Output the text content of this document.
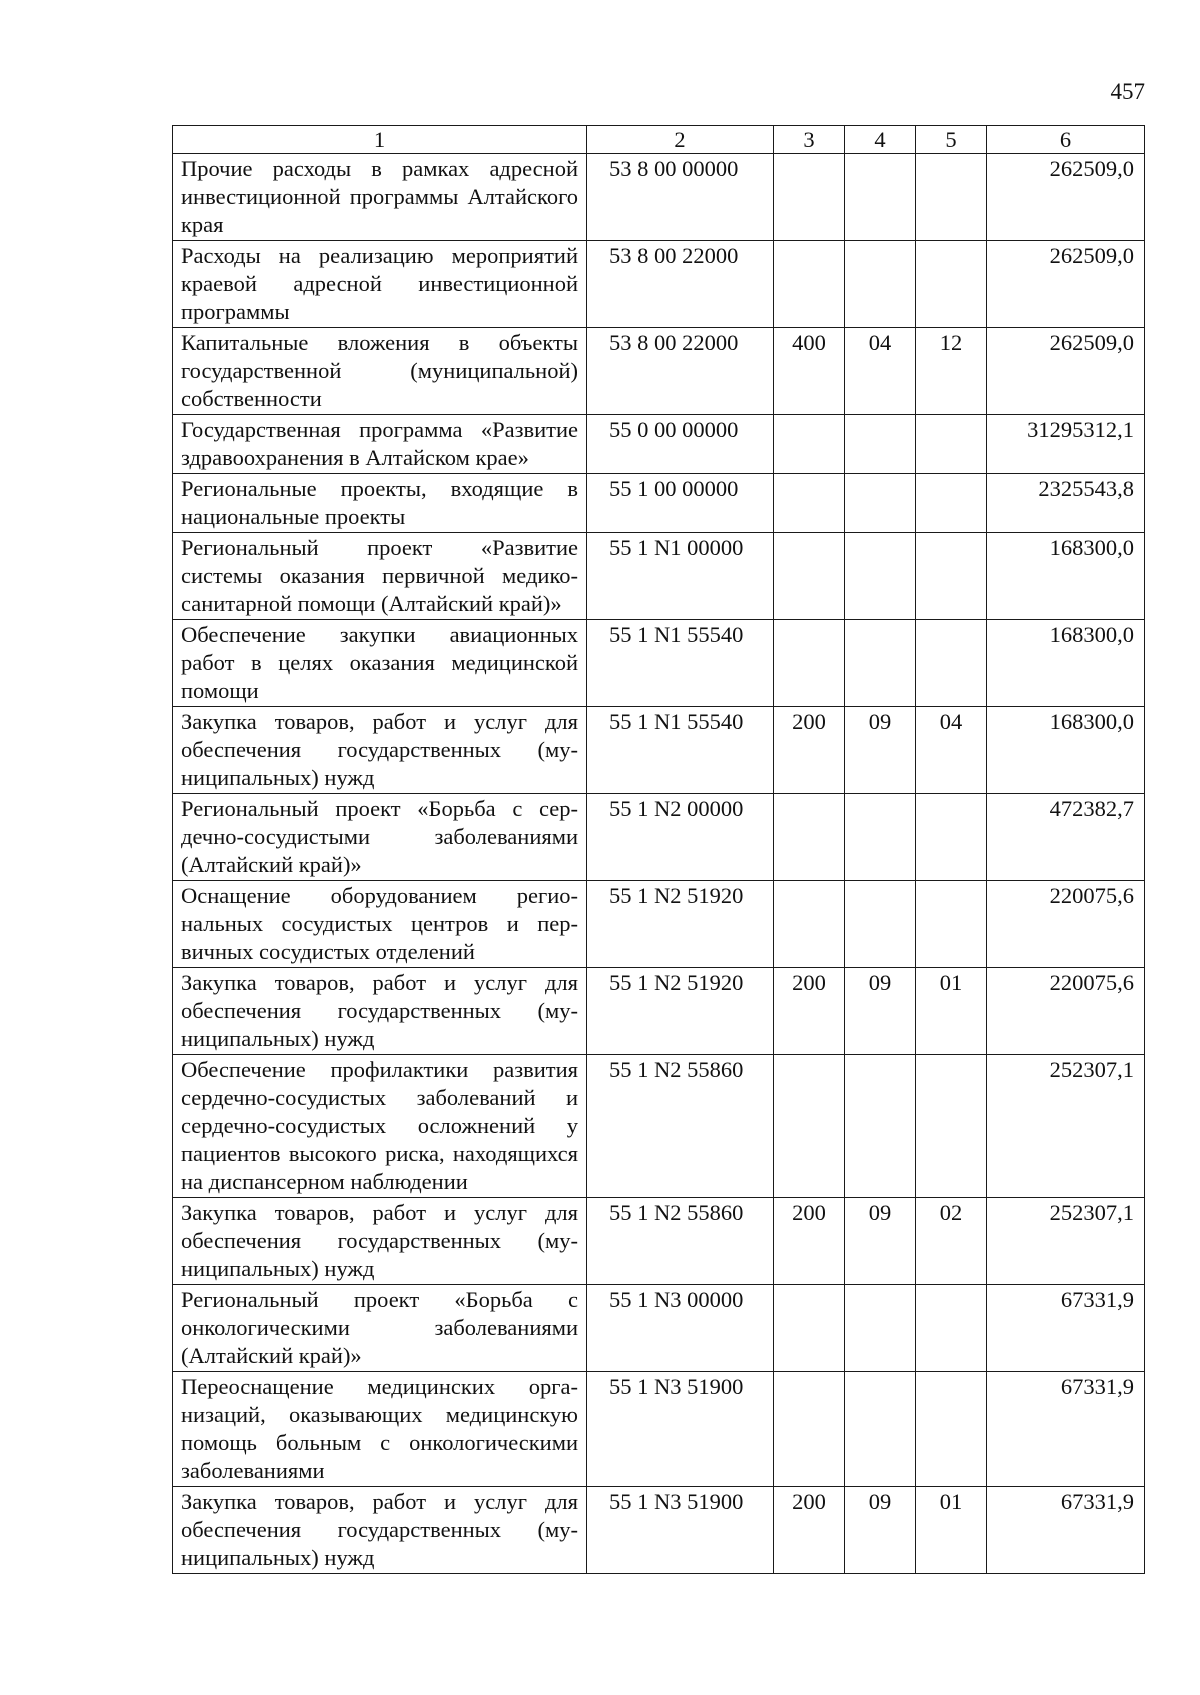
457
1	2	3	4	5	6
Прочие расходы в рамках адресной инвестиционной программы Алтайского края	53 8 00 00000				262509,0
Расходы на реализацию мероприятий краевой адресной инвестиционной программы	53 8 00 22000				262509,0
Капитальные вложения в объекты государственной (муниципальной) собственности	53 8 00 22000	400	04	12	262509,0
Государственная программа «Развитие здравоохранения в Алтайском крае»	55 0 00 00000				31295312,1
Региональные проекты, входящие в национальные проекты	55 1 00 00000				2325543,8
Региональный проект «Развитие системы оказания первичной медико-санитарной помощи (Алтайский край)»	55 1 N1 00000				168300,0
Обеспечение закупки авиационных работ в целях оказания медицинской помощи	55 1 N1 55540				168300,0
Закупка товаров, работ и услуг для обеспечения государственных (муниципальных) нужд	55 1 N1 55540	200	09	04	168300,0
Региональный проект «Борьба с сердечно-сосудистыми заболеваниями (Алтайский край)»	55 1 N2 00000				472382,7
Оснащение оборудованием региональных сосудистых центров и первичных сосудистых отделений	55 1 N2 51920				220075,6
Закупка товаров, работ и услуг для обеспечения государственных (муниципальных) нужд	55 1 N2 51920	200	09	01	220075,6
Обеспечение профилактики развития сердечно-сосудистых заболеваний и сердечно-сосудистых осложнений у пациентов высокого риска, находящихся на диспансерном наблюдении	55 1 N2 55860				252307,1
Закупка товаров, работ и услуг для обеспечения государственных (муниципальных) нужд	55 1 N2 55860	200	09	02	252307,1
Региональный проект «Борьба с онкологическими заболеваниями (Алтайский край)»	55 1 N3 00000				67331,9
Переоснащение медицинских организаций, оказывающих медицинскую помощь больным с онкологическими заболеваниями	55 1 N3 51900				67331,9
Закупка товаров, работ и услуг для обеспечения государственных (муниципальных) нужд	55 1 N3 51900	200	09	01	67331,9
